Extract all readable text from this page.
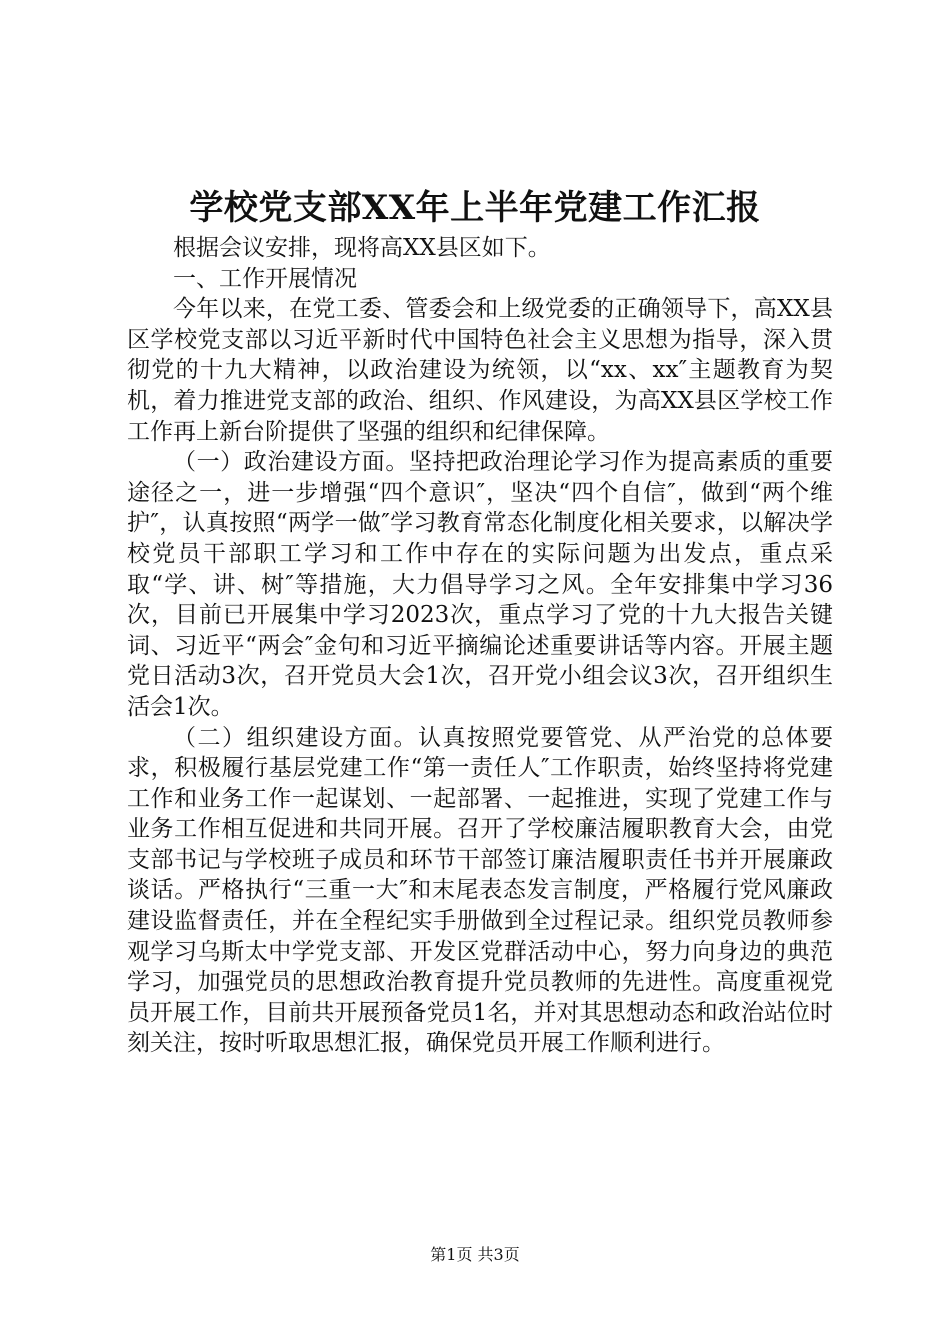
学校党支部XX年上半年党建工作汇报

根据会议安排，现将高XX县区如下。

一、工作开展情况

今年以来，在党工委、管委会和上级党委的正确领导下，高XX县区学校党支部以习近平新时代中国特色社会主义思想为指导，深入贯彻党的十九大精神，以政治建设为统领，以“xx、xx″主题教育为契机，着力推进党支部的政治、组织、作风建设，为高XX县区学校工作工作再上新台阶提供了坚强的组织和纪律保障。

（一）政治建设方面。坚持把政治理论学习作为提高素质的重要途径之一，进一步增强“四个意识″，坚决“四个自信″，做到“两个维护″，认真按照“两学一做″学习教育常态化制度化相关要求，以解决学校党员干部职工学习和工作中存在的实际问题为出发点，重点采取“学、讲、树″等措施，大力倡导学习之风。全年安排集中学习36次，目前已开展集中学习2023次，重点学习了党的十九大报告关键词、习近平“两会″金句和习近平摘编论述重要讲话等内容。开展主题党日活动3次，召开党员大会1次，召开党小组会议3次，召开组织生活会1次。

（二）组织建设方面。认真按照党要管党、从严治党的总体要求，积极履行基层党建工作“第一责任人″工作职责，始终坚持将党建工作和业务工作一起谋划、一起部署、一起推进，实现了党建工作与业务工作相互促进和共同开展。召开了学校廉洁履职教育大会，由党支部书记与学校班子成员和环节干部签订廉洁履职责任书并开展廉政谈话。严格执行“三重一大″和末尾表态发言制度，严格履行党风廉政建设监督责任，并在全程纪实手册做到全过程记录。组织党员教师参观学习乌斯太中学党支部、开发区党群活动中心，努力向身边的典范学习，加强党员的思想政治教育提升党员教师的先进性。高度重视党员开展工作，目前共开展预备党员1名，并对其思想动态和政治站位时刻关注，按时听取思想汇报，确保党员开展工作顺利进行。

第1页 共3页
